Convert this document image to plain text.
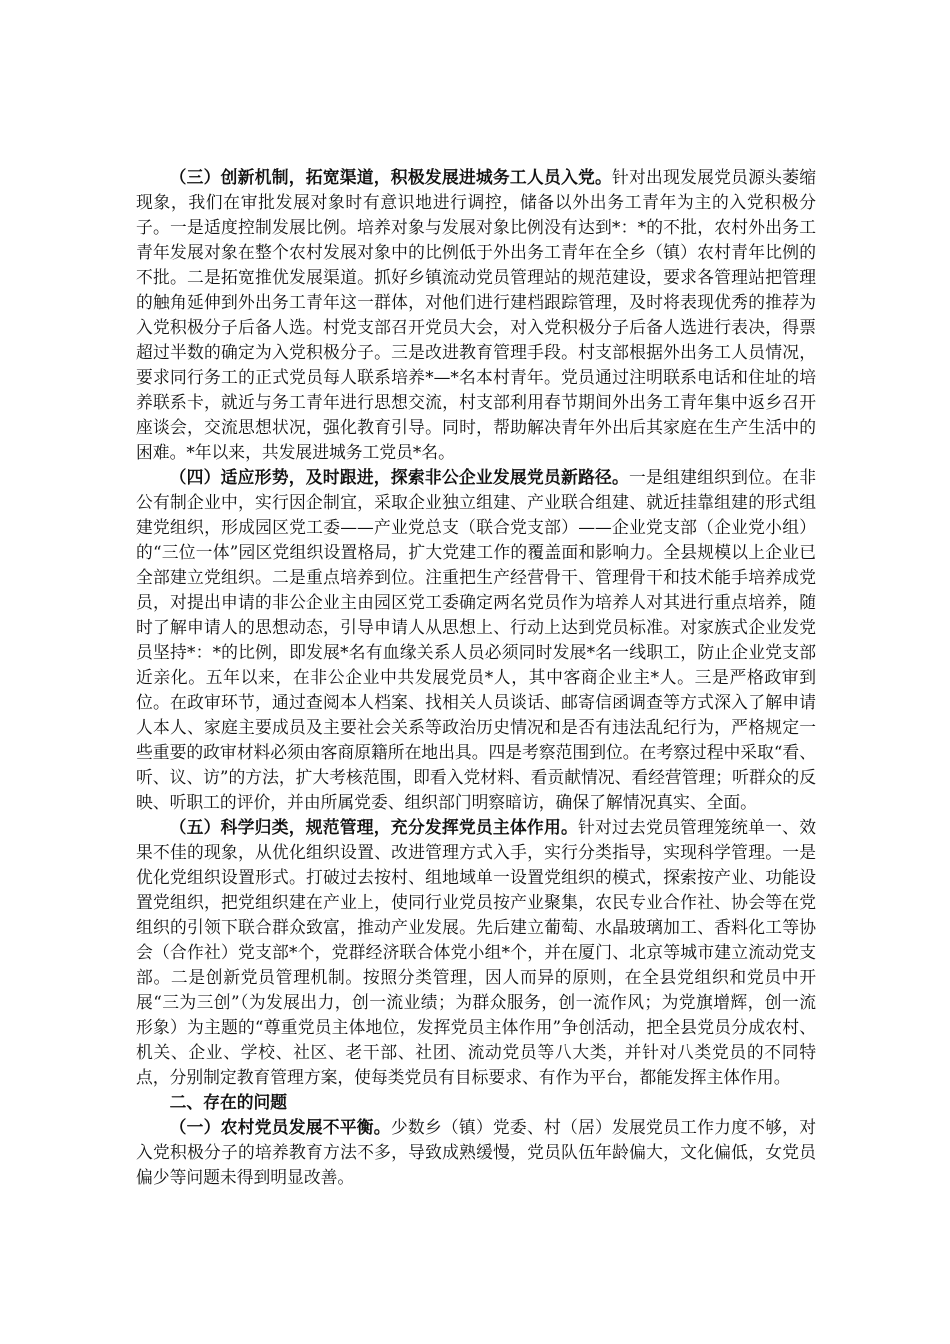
（三）创新机制，拓宽渠道，积极发展进城务工人员入党。针对出现发展党员源头萎缩现象，我们在审批发展对象时有意识地进行调控，储备以外出务工青年为主的入党积极分子。一是适度控制发展比例。培养对象与发展对象比例没有达到*：*的不批，农村外出务工青年发展对象在整个农村发展对象中的比例低于外出务工青年在全乡（镇）农村青年比例的不批。二是拓宽推优发展渠道。抓好乡镇流动党员管理站的规范建设，要求各管理站把管理的触角延伸到外出务工青年这一群体，对他们进行建档跟踪管理，及时将表现优秀的推荐为入党积极分子后备人选。村党支部召开党员大会，对入党积极分子后备人选进行表决，得票超过半数的确定为入党积极分子。三是改进教育管理手段。村支部根据外出务工人员情况，要求同行务工的正式党员每人联系培养*—*名本村青年。党员通过注明联系电话和住址的培养联系卡，就近与务工青年进行思想交流，村支部利用春节期间外出务工青年集中返乡召开座谈会，交流思想状况，强化教育引导。同时，帮助解决青年外出后其家庭在生产生活中的困难。*年以来，共发展进城务工党员*名。

（四）适应形势，及时跟进，探索非公企业发展党员新路径。一是组建组织到位。在非公有制企业中，实行因企制宜，采取企业独立组建、产业联合组建、就近挂靠组建的形式组建党组织，形成园区党工委——产业党总支（联合党支部）——企业党支部（企业党小组）的“三位一体”园区党组织设置格局，扩大党建工作的覆盖面和影响力。全县规模以上企业已全部建立党组织。二是重点培养到位。注重把生产经营骨干、管理骨干和技术能手培养成党员，对提出申请的非公企业主由园区党工委确定两名党员作为培养人对其进行重点培养，随时了解申请人的思想动态，引导申请人从思想上、行动上达到党员标准。对家族式企业发党员坚持*：*的比例，即发展*名有血缘关系人员必须同时发展*名一线职工，防止企业党支部近亲化。五年以来，在非公企业中共发展党员*人，其中客商企业主*人。三是严格政审到位。在政审环节，通过查阅本人档案、找相关人员谈话、邮寄信函调查等方式深入了解申请人本人、家庭主要成员及主要社会关系等政治历史情况和是否有违法乱纪行为，严格规定一些重要的政审材料必须由客商原籍所在地出具。四是考察范围到位。在考察过程中采取“看、听、议、访”的方法，扩大考核范围，即看入党材料、看贡献情况、看经营管理；听群众的反映、听职工的评价，并由所属党委、组织部门明察暗访，确保了解情况真实、全面。

（五）科学归类，规范管理，充分发挥党员主体作用。针对过去党员管理笼统单一、效果不佳的现象，从优化组织设置、改进管理方式入手，实行分类指导，实现科学管理。一是优化党组织设置形式。打破过去按村、组地域单一设置党组织的模式，探索按产业、功能设置党组织，把党组织建在产业上，使同行业党员按产业聚集，农民专业合作社、协会等在党组织的引领下联合群众致富，推动产业发展。先后建立葡萄、水晶玻璃加工、香料化工等协会（合作社）党支部*个，党群经济联合体党小组*个，并在厦门、北京等城市建立流动党支部。二是创新党员管理机制。按照分类管理，因人而异的原则，在全县党组织和党员中开展“三为三创”（为发展出力，创一流业绩；为群众服务，创一流作风；为党旗增辉，创一流形象）为主题的“尊重党员主体地位，发挥党员主体作用”争创活动，把全县党员分成农村、机关、企业、学校、社区、老干部、社团、流动党员等八大类，并针对八类党员的不同特点，分别制定教育管理方案，使每类党员有目标要求、有作为平台，都能发挥主体作用。

二、存在的问题

（一）农村党员发展不平衡。少数乡（镇）党委、村（居）发展党员工作力度不够，对入党积极分子的培养教育方法不多，导致成熟缓慢，党员队伍年龄偏大，文化偏低，女党员偏少等问题未得到明显改善。
